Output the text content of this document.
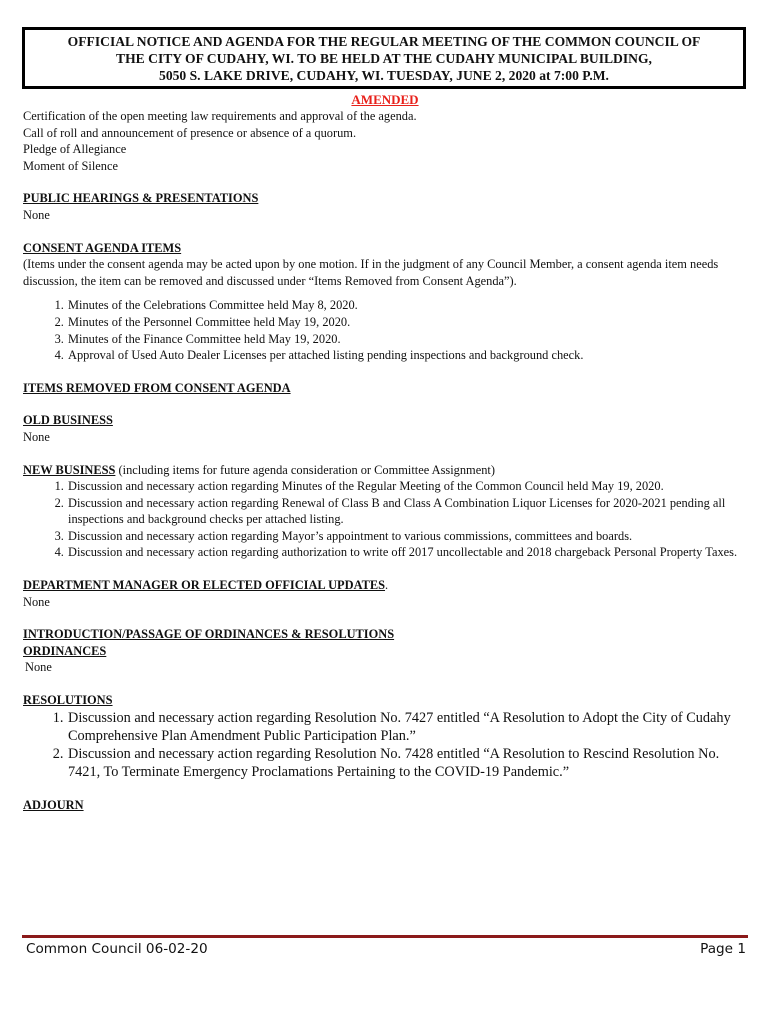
OFFICIAL NOTICE AND AGENDA FOR THE REGULAR MEETING OF THE COMMON COUNCIL OF
THE CITY OF CUDAHY, WI. TO BE HELD AT THE CUDAHY MUNICIPAL BUILDING,
5050 S. LAKE DRIVE, CUDAHY, WI. TUESDAY, JUNE 2, 2020 at 7:00 P.M.
AMENDED

Certification of the open meeting law requirements and approval of the agenda.

Call of roll and announcement of presence or absence of a quorum.

Pledge of Allegiance

Moment of Silence

PUBLIC HEARINGS & PRESENTATIONS

None

CONSENT AGENDA ITEMS

(Items under the consent agenda may be acted upon by one motion. If in the judgment of any Council Member, a consent agenda item needs discussion, the item can be removed and discussed under “Items Removed from Consent Agenda”).

1. Minutes of the Celebrations Committee held May 8, 2020.
2. Minutes of the Personnel Committee held May 19, 2020.
3. Minutes of the Finance Committee held May 19, 2020.
4. Approval of Used Auto Dealer Licenses per attached listing pending inspections and background check.

ITEMS REMOVED FROM CONSENT AGENDA

OLD BUSINESS

None

NEW BUSINESS (including items for future agenda consideration or Committee Assignment)

1. Discussion and necessary action regarding Minutes of the Regular Meeting of the Common Council held May 19, 2020.
2. Discussion and necessary action regarding Renewal of Class B and Class A Combination Liquor Licenses for 2020-2021 pending all inspections and background checks per attached listing.
3. Discussion and necessary action regarding Mayor’s appointment to various commissions, committees and boards.
4. Discussion and necessary action regarding authorization to write off 2017 uncollectable and 2018 chargeback Personal Property Taxes.

DEPARTMENT MANAGER OR ELECTED OFFICIAL UPDATES.

None

INTRODUCTION/PASSAGE OF ORDINANCES & RESOLUTIONS

ORDINANCES

None

RESOLUTIONS

1. Discussion and necessary action regarding Resolution No. 7427 entitled “A Resolution to Adopt the City of Cudahy Comprehensive Plan Amendment Public Participation Plan.”
2. Discussion and necessary action regarding Resolution No. 7428 entitled “A Resolution to Rescind Resolution No. 7421, To Terminate Emergency Proclamations Pertaining to the COVID-19 Pandemic.”

ADJOURN

Common Council 06-02-20	Page 1
